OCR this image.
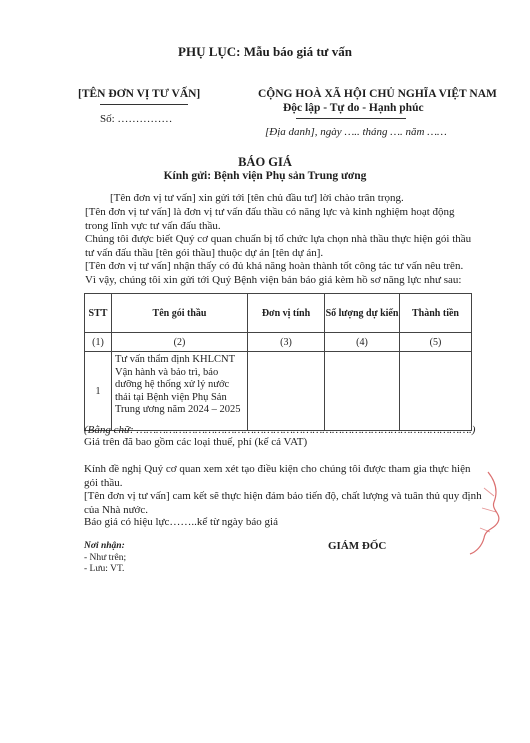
PHỤ LỤC: Mẫu báo giá tư vấn
[TÊN ĐƠN VỊ TƯ VẤN]
Số: ……………
CỘNG HOÀ XÃ HỘI CHỦ NGHĨA VIỆT NAM
Độc lập - Tự do - Hạnh phúc
[Địa danh], ngày ….. tháng …. năm ……
BÁO GIÁ
Kính gửi: Bệnh viện Phụ sản Trung ương
[Tên đơn vị tư vấn] xin gửi tới [tên chủ đầu tư] lời chào trân trọng.
[Tên đơn vị tư vấn] là đơn vị tư vấn đấu thầu có năng lực và kinh nghiệm hoạt động trong lĩnh vực tư vấn đấu thầu.
Chúng tôi được biết Quý cơ quan chuẩn bị tổ chức lựa chọn nhà thầu thực hiện gói thầu tư vấn đấu thầu [tên gói thầu] thuộc dự án [tên dự án].
[Tên đơn vị tư vấn] nhận thấy có đủ khả năng hoàn thành tốt công tác tư vấn nêu trên.
Vì vậy, chúng tôi xin gửi tới Quý Bệnh viện bản báo giá kèm hồ sơ năng lực như sau:
STT	Tên gói thầu	Đơn vị tính	Số lượng dự kiến	Thành tiền
(1)	(2)	(3)	(4)	(5)
1	Tư vấn thẩm định KHLCNT Vận hành và bảo trì, bảo dưỡng hệ thống xử lý nước thải tại Bệnh viện Phụ Sản Trung ương năm 2024 – 2025			
(Bằng chữ: ………………………………………………………………………………………….)
Giá trên đã bao gồm các loại thuế, phí (kể cả VAT)
Kính đề nghị Quý cơ quan xem xét tạo điều kiện cho chúng tôi được tham gia thực hiện gói thầu.
[Tên đơn vị tư vấn] cam kết sẽ thực hiện đảm bảo tiến độ, chất lượng và tuân thủ quy định của Nhà nước.
Báo giá có hiệu lực……..kể từ ngày báo giá
Nơi nhận:
- Như trên;
- Lưu: VT.
GIÁM ĐỐC
